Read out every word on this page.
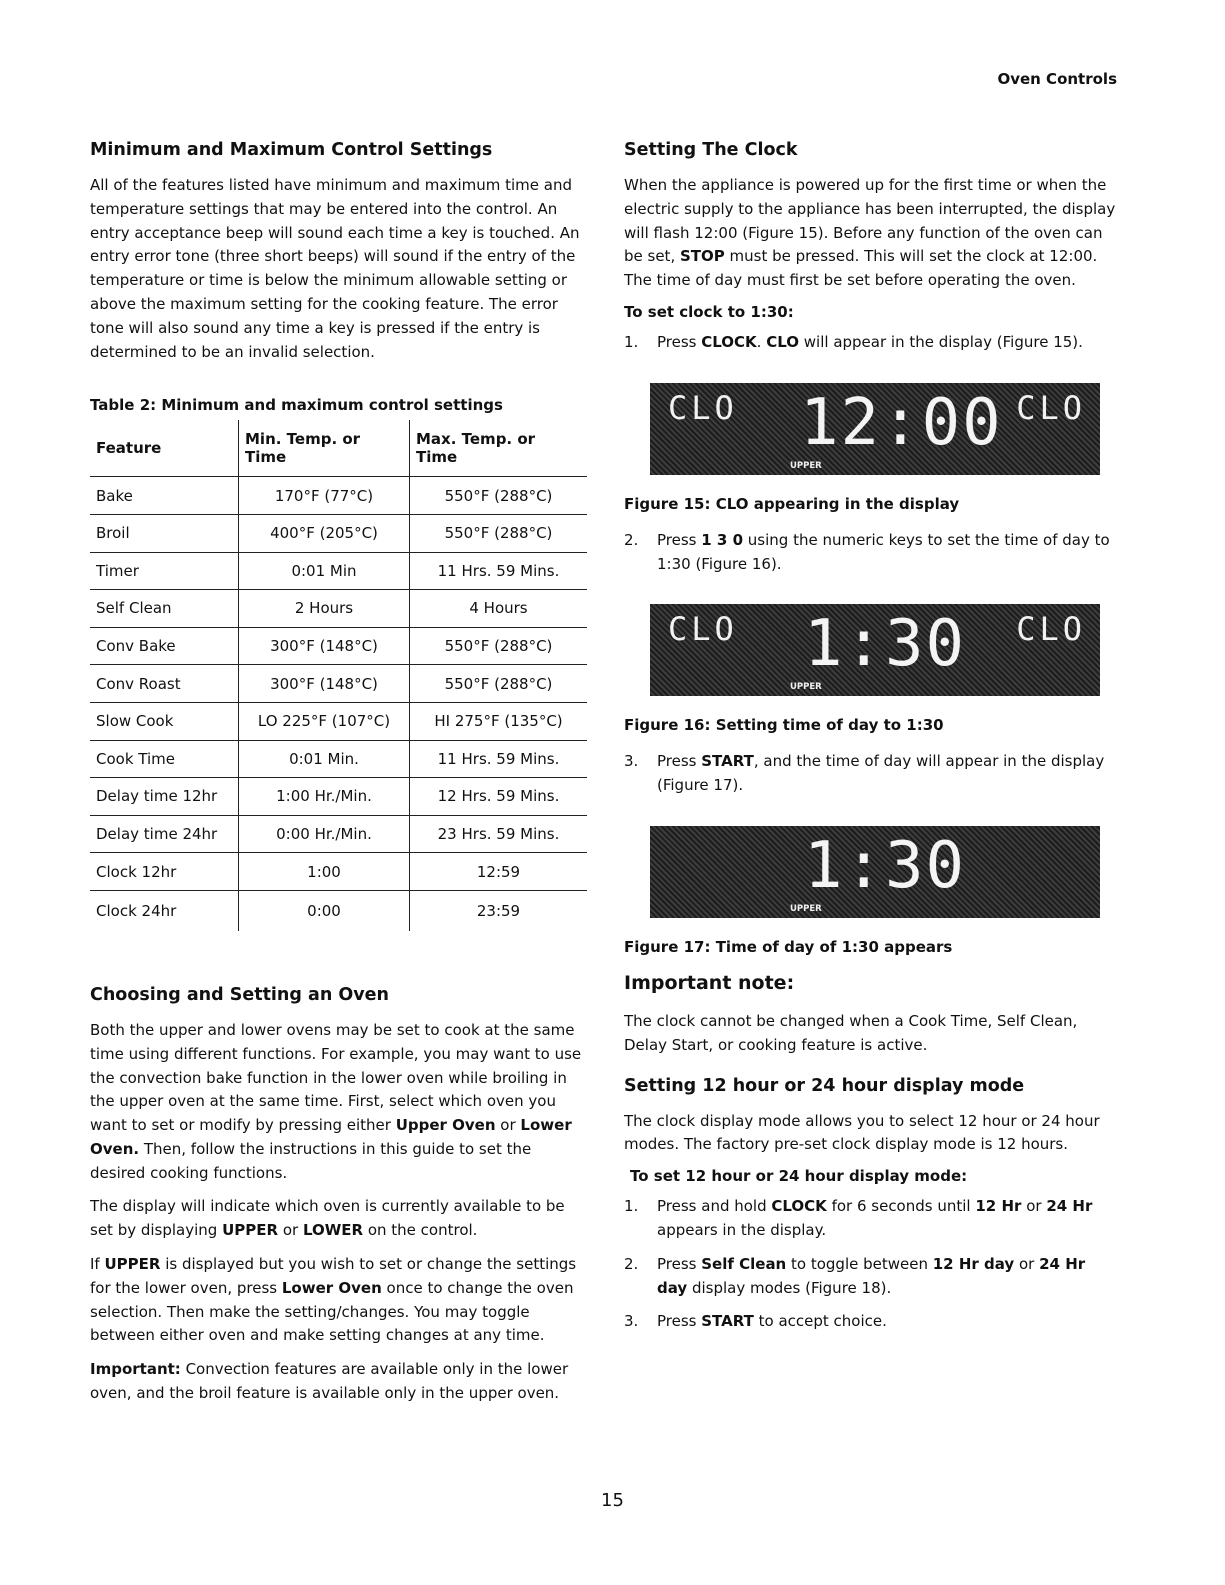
Oven Controls
Minimum and Maximum Control Settings

All of the features listed have minimum and maximum time and temperature settings that may be entered into the control. An entry acceptance beep will sound each time a key is touched. An entry error tone (three short beeps) will sound if the entry of the temperature or time is below the minimum allowable setting or above the maximum setting for the cooking feature. The error tone will also sound any time a key is pressed if the entry is determined to be an invalid selection.

Table 2: Minimum and maximum control settings
Feature	Min. Temp. or Time	Max. Temp. or Time
Bake	170°F (77°C)	550°F (288°C)
Broil	400°F (205°C)	550°F (288°C)
Timer	0:01 Min	11 Hrs. 59 Mins.
Self Clean	2 Hours	4 Hours
Conv Bake	300°F (148°C)	550°F (288°C)
Conv Roast	300°F (148°C)	550°F (288°C)
Slow Cook	LO 225°F (107°C)	HI 275°F (135°C)
Cook Time	0:01 Min.	11 Hrs. 59 Mins.
Delay time 12hr	1:00 Hr./Min.	12 Hrs. 59 Mins.
Delay time 24hr	0:00 Hr./Min.	23 Hrs. 59 Mins.
Clock 12hr	1:00	12:59
Clock 24hr	0:00	23:59
Choosing and Setting an Oven

Both the upper and lower ovens may be set to cook at the same time using different functions. For example, you may want to use the convection bake function in the lower oven while broiling in the upper oven at the same time. First, select which oven you want to set or modify by pressing either Upper Oven or Lower Oven. Then, follow the instructions in this guide to set the desired cooking functions.

The display will indicate which oven is currently available to be set by displaying UPPER or LOWER on the control.

If UPPER is displayed but you wish to set or change the settings for the lower oven, press Lower Oven once to change the oven selection. Then make the setting/changes. You may toggle between either oven and make setting changes at any time.

Important: Convection features are available only in the lower oven, and the broil feature is available only in the upper oven.

Setting The Clock

When the appliance is powered up for the first time or when the electric supply to the appliance has been interrupted, the display will flash 12:00 (Figure 15). Before any function of the oven can be set, STOP must be pressed. This will set the clock at 12:00. The time of day must first be set before operating the oven.

To set clock to 1:30:
1. Press CLOCK. CLO will appear in the display (Figure 15).
CLO 12:00 CLO
UPPER
Figure 15: CLO appearing in the display
2. Press 1 3 0 using the numeric keys to set the time of day to 1:30 (Figure 16).
CLO 1:30 CLO
UPPER
Figure 16: Setting time of day to 1:30
3. Press START, and the time of day will appear in the display (Figure 17).
1:30
UPPER
Figure 17: Time of day of 1:30 appears
Important note:

The clock cannot be changed when a Cook Time, Self Clean, Delay Start, or cooking feature is active.

Setting 12 hour or 24 hour display mode

The clock display mode allows you to select 12 hour or 24 hour modes. The factory pre-set clock display mode is 12 hours.

To set 12 hour or 24 hour display mode:
1. Press and hold CLOCK for 6 seconds until 12 Hr or 24 Hr appears in the display.
2. Press Self Clean to toggle between 12 Hr day or 24 Hr day display modes (Figure 18).
3. Press START to accept choice.
15
